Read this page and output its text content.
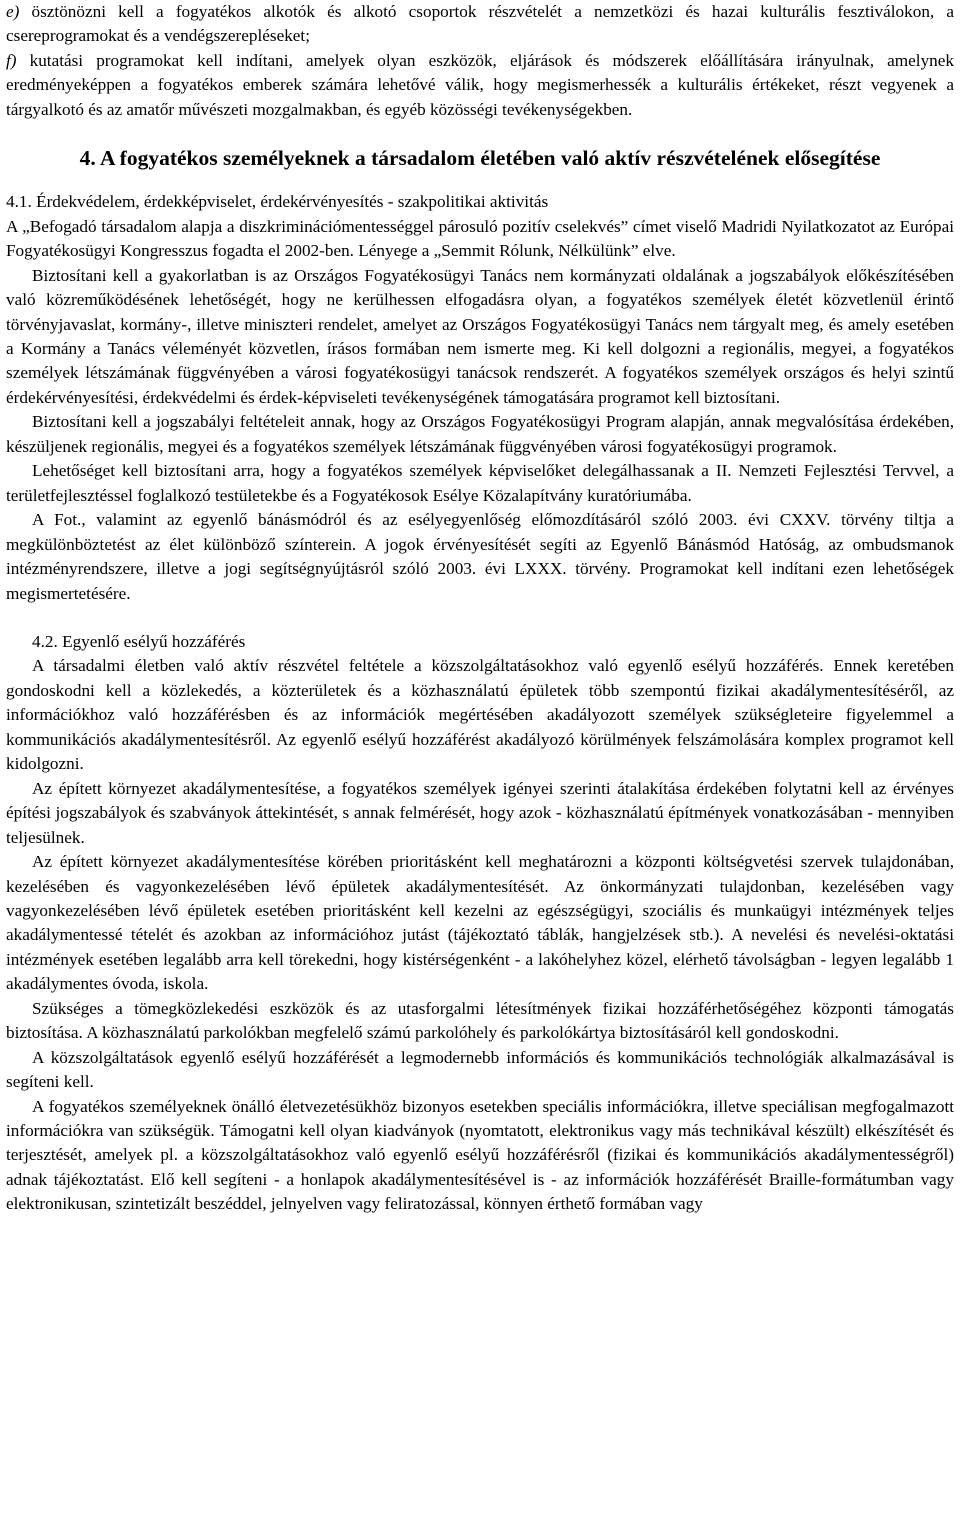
e) ösztönözni kell a fogyatékos alkotók és alkotó csoportok részvételét a nemzetközi és hazai kulturális fesztiválokon, a csereprogramokat és a vendégszerepléseket;

f) kutatási programokat kell indítani, amelyek olyan eszközök, eljárások és módszerek előállítására irányulnak, amelynek eredményeképpen a fogyatékos emberek számára lehetővé válik, hogy megismerhessék a kulturális értékeket, részt vegyenek a tárgyalkotó és az amatőr művészeti mozgalmakban, és egyéb közösségi tevékenységekben.

4. A fogyatékos személyeknek a társadalom életében való aktív részvételének elősegítése

4.1. Érdekvédelem, érdekképviselet, érdekérvényesítés - szakpolitikai aktivitás

A „Befogadó társadalom alapja a diszkriminációmentességgel párosuló pozitív cselekvés” címet viselő Madridi Nyilatkozatot az Európai Fogyatékosügyi Kongresszus fogadta el 2002-ben. Lényege a „Semmit Rólunk, Nélkülünk” elve.

Biztosítani kell a gyakorlatban is az Országos Fogyatékosügyi Tanács nem kormányzati oldalának a jogszabályok előkészítésében való közreműködésének lehetőségét, hogy ne kerülhessen elfogadásra olyan, a fogyatékos személyek életét közvetlenül érintő törvényjavaslat, kormány-, illetve miniszteri rendelet, amelyet az Országos Fogyatékosügyi Tanács nem tárgyalt meg, és amely esetében a Kormány a Tanács véleményét közvetlen, írásos formában nem ismerte meg. Ki kell dolgozni a regionális, megyei, a fogyatékos személyek létszámának függvényében a városi fogyatékosügyi tanácsok rendszerét. A fogyatékos személyek országos és helyi szintű érdekérvényesítési, érdekvédelmi és érdek-képviseleti tevékenységének támogatására programot kell biztosítani.

Biztosítani kell a jogszabályi feltételeit annak, hogy az Országos Fogyatékosügyi Program alapján, annak megvalósítása érdekében, készüljenek regionális, megyei és a fogyatékos személyek létszámának függvényében városi fogyatékosügyi programok.

Lehetőséget kell biztosítani arra, hogy a fogyatékos személyek képviselőket delegálhassanak a II. Nemzeti Fejlesztési Tervvel, a területfejlesztéssel foglalkozó testületekbe és a Fogyatékosok Esélye Közalapítvány kuratóriumába.

A Fot., valamint az egyenlő bánásmódról és az esélyegyenlőség előmozdításáról szóló 2003. évi CXXV. törvény tiltja a megkülönböztetést az élet különböző színterein. A jogok érvényesítését segíti az Egyenlő Bánásmód Hatóság, az ombudsmanok intézményrendszere, illetve a jogi segítségnyújtásról szóló 2003. évi LXXX. törvény. Programokat kell indítani ezen lehetőségek megismertetésére.

4.2. Egyenlő esélyű hozzáférés

A társadalmi életben való aktív részvétel feltétele a közszolgáltatásokhoz való egyenlő esélyű hozzáférés. Ennek keretében gondoskodni kell a közlekedés, a közterületek és a közhasználatú épületek több szempontú fizikai akadálymentesítéséről, az információkhoz való hozzáférésben és az információk megértésében akadályozott személyek szükségleteire figyelemmel a kommunikációs akadálymentesítésről. Az egyenlő esélyű hozzáférést akadályozó körülmények felszámolására komplex programot kell kidolgozni.

Az épített környezet akadálymentesítése, a fogyatékos személyek igényei szerinti átalakítása érdekében folytatni kell az érvényes építési jogszabályok és szabványok áttekintését, s annak felmérését, hogy azok - közhasználatú építmények vonatkozásában - mennyiben teljesülnek.

Az épített környezet akadálymentesítése körében prioritásként kell meghatározni a központi költségvetési szervek tulajdonában, kezelésében és vagyonkezelésében lévő épületek akadálymentesítését. Az önkormányzati tulajdonban, kezelésében vagy vagyonkezelésében lévő épületek esetében prioritásként kell kezelni az egészségügyi, szociális és munkaügyi intézmények teljes akadálymentessé tételét és azokban az információhoz jutást (tájékoztató táblák, hangjelzések stb.). A nevelési és nevelési-oktatási intézmények esetében legalább arra kell törekedni, hogy kistérségenként - a lakóhelyhez közel, elérhető távolságban - legyen legalább 1 akadálymentes óvoda, iskola.

Szükséges a tömegközlekedési eszközök és az utasforgalmi létesítmények fizikai hozzáférhetőségéhez központi támogatás biztosítása. A közhasználatú parkolókban megfelelő számú parkolóhely és parkolókártya biztosításáról kell gondoskodni.

A közszolgáltatások egyenlő esélyű hozzáférését a legmodernebb információs és kommunikációs technológiák alkalmazásával is segíteni kell.

A fogyatékos személyeknek önálló életvezetésükhöz bizonyos esetekben speciális információkra, illetve speciálisan megfogalmazott információkra van szükségük. Támogatni kell olyan kiadványok (nyomtatott, elektronikus vagy más technikával készült) elkészítését és terjesztését, amelyek pl. a közszolgáltatásokhoz való egyenlő esélyű hozzáférésről (fizikai és kommunikációs akadálymentességről) adnak tájékoztatást. Elő kell segíteni - a honlapok akadálymentesítésével is - az információk hozzáférését Braille-formátumban vagy elektronikusan, szintetizált beszéddel, jelnyelven vagy feliratozással, könnyen érthető formában vagy
